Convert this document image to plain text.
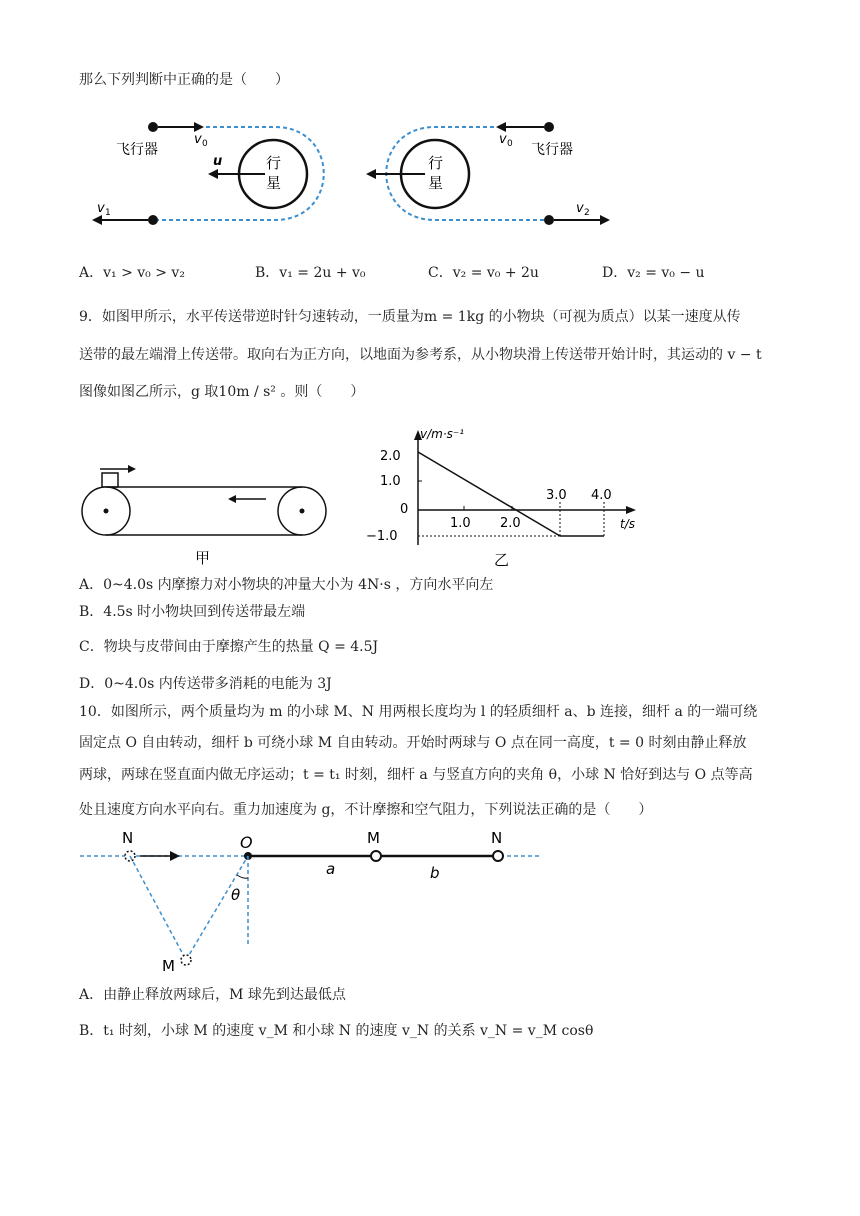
那么下列判断中正确的是（　　）
v 0
行
星
u
飞行器
v 1
v 0
行
星
飞行器
v 2
A．v₁ > v₀ > v₂	B．v₁ = 2u + v₀	C．v₂ = v₀ + 2u	D．v₂ = v₀ − u
9．如图甲所示，水平传送带逆时针匀速转动，一质量为m = 1kg 的小物块（可视为质点）以某一速度从传
送带的最左端滑上传送带。取向右为正方向，以地面为参考系，从小物块滑上传送带开始计时，其运动的 v − t
图像如图乙所示，g 取10m / s² 。则（　　）
甲
v/m·s⁻¹
t/s
2.0
1.0
0
−1.0
1.0 2.0
3.0 4.0
乙
A．0~4.0s 内摩擦力对小物块的冲量大小为 4N·s ，方向水平向左
B．4.5s 时小物块回到传送带最左端
C．物块与皮带间由于摩擦产生的热量 Q = 4.5J
D．0~4.0s 内传送带多消耗的电能为 3J
10．如图所示，两个质量均为 m 的小球 M、N 用两根长度均为 l 的轻质细杆 a、b 连接，细杆 a 的一端可绕
固定点 O 自由转动，细杆 b 可绕小球 M 自由转动。开始时两球与 O 点在同一高度，t = 0 时刻由静止释放
两球，两球在竖直面内做无序运动；t = t₁ 时刻，细杆 a 与竖直方向的夹角 θ，小球 N 恰好到达与 O 点等高
处且速度方向水平向右。重力加速度为 g，不计摩擦和空气阻力，下列说法正确的是（　　）
N	O	M	N
a	b
θ
M
A．由静止释放两球后，M 球先到达最低点
B．t₁ 时刻，小球 M 的速度 v_M 和小球 N 的速度 v_N 的关系 v_N = v_M cosθ
